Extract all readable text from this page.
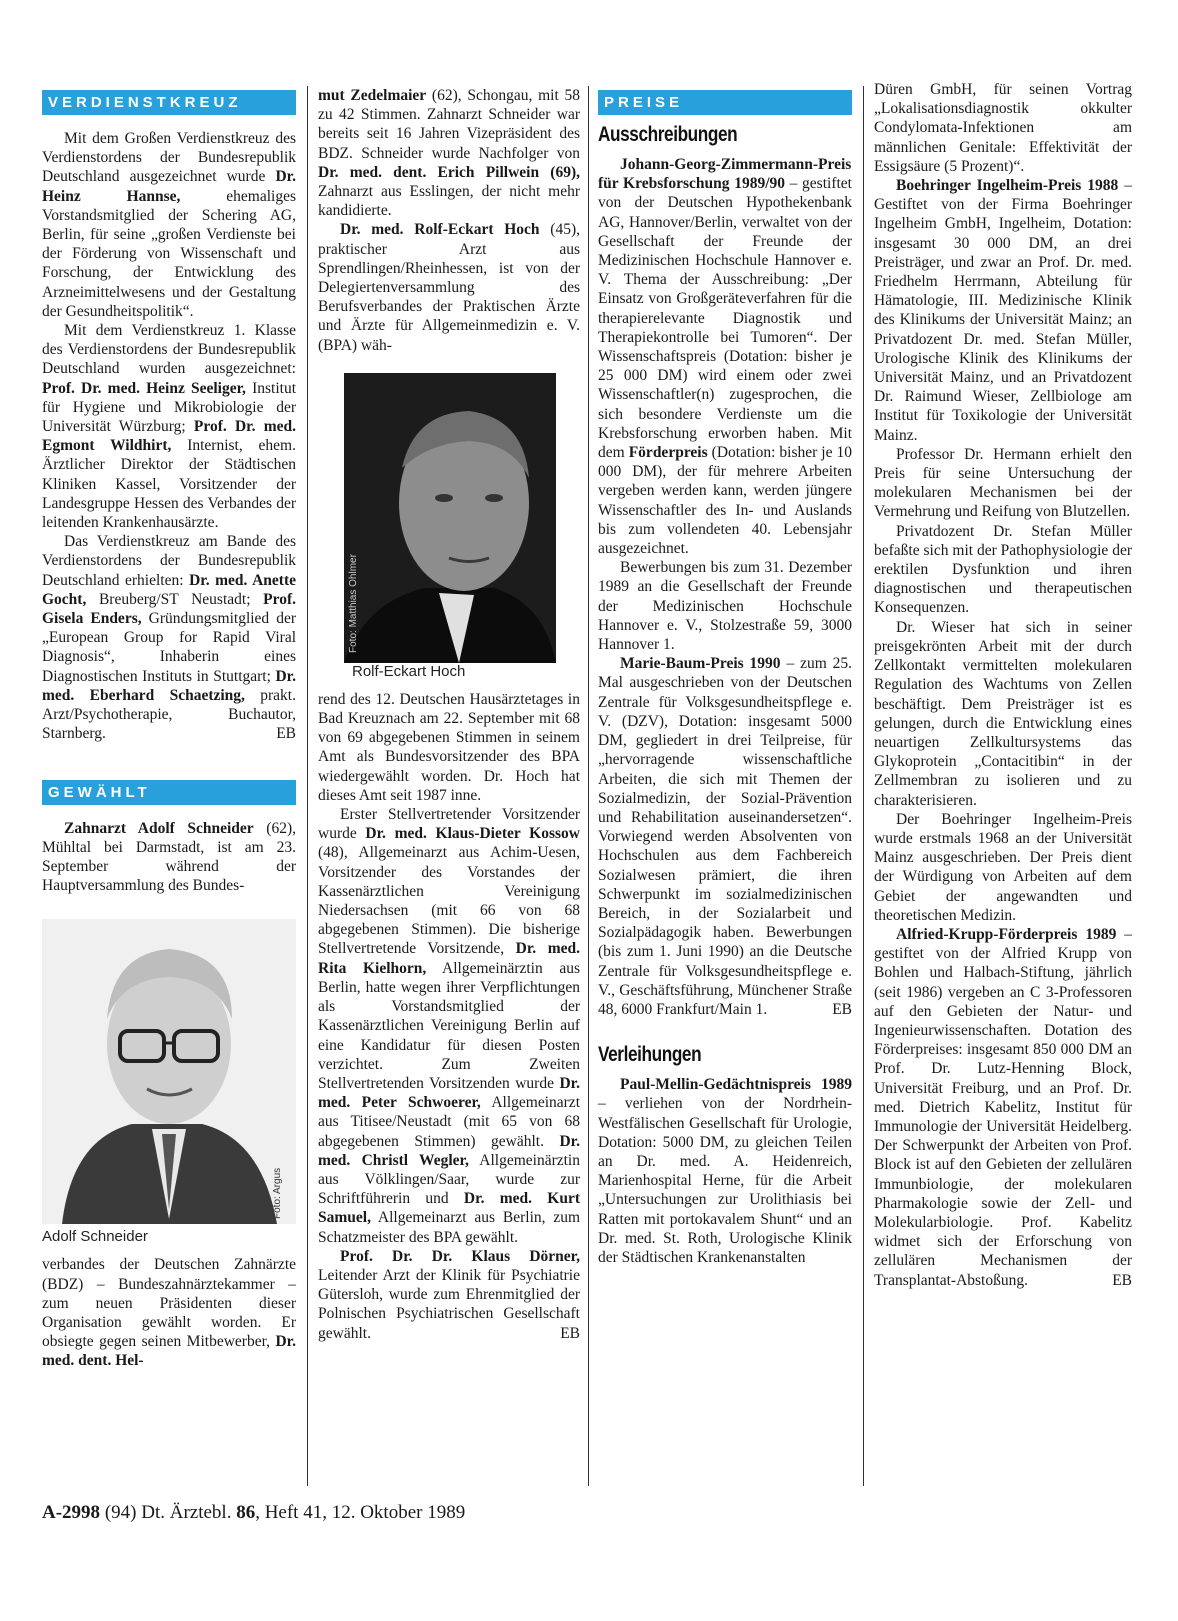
VERDIENSTKREUZ

Mit dem Großen Verdienstkreuz des Verdienstordens der Bundesrepublik Deutschland ausgezeichnet wurde Dr. Heinz Hannse, ehemaliges Vorstandsmitglied der Schering AG, Berlin, für seine „großen Verdienste bei der Förderung von Wissenschaft und Forschung, der Entwicklung des Arzneimittelwesens und der Gestaltung der Gesundheitspolitik“.

Mit dem Verdienstkreuz 1. Klasse des Verdienstordens der Bundesrepublik Deutschland wurden ausgezeichnet: Prof. Dr. med. Heinz Seeliger, Institut für Hygiene und Mikrobiologie der Universität Würzburg; Prof. Dr. med. Egmont Wildhirt, Internist, ehem. Ärztlicher Direktor der Städtischen Kliniken Kassel, Vorsitzender der Landesgruppe Hessen des Verbandes der leitenden Krankenhausärzte.

Das Verdienstkreuz am Bande des Verdienstordens der Bundesrepublik Deutschland erhielten: Dr. med. Anette Gocht, Breuberg/ST Neustadt; Prof. Gisela Enders, Gründungsmitglied der „European Group for Rapid Viral Diagnosis“, Inhaberin eines Diagnostischen Instituts in Stuttgart; Dr. med. Eberhard Schaetzing, prakt. Arzt/Psychotherapie, Buchautor, Starnberg.	EB

GEWÄHLT

Zahnarzt Adolf Schneider (62), Mühltal bei Darmstadt, ist am 23. September während der Hauptversammlung des Bundes-

Foto: Argus
Adolf Schneider

verbandes der Deutschen Zahnärzte (BDZ) – Bundeszahnärztekammer – zum neuen Präsidenten dieser Organisation gewählt worden. Er obsiegte gegen seinen Mitbewerber, Dr. med. dent. Hel-

mut Zedelmaier (62), Schongau, mit 58 zu 42 Stimmen. Zahnarzt Schneider war bereits seit 16 Jahren Vizepräsident des BDZ. Schneider wurde Nachfolger von Dr. med. dent. Erich Pillwein (69), Zahnarzt aus Esslingen, der nicht mehr kandidierte.

Dr. med. Rolf-Eckart Hoch (45), praktischer Arzt aus Sprendlingen/Rheinhessen, ist von der Delegiertenversammlung des Berufsverbandes der Praktischen Ärzte und Ärzte für Allgemeinmedizin e. V. (BPA) wäh-

Foto: Matthias Ohlmer
Rolf-Eckart Hoch

rend des 12. Deutschen Hausärztetages in Bad Kreuznach am 22. September mit 68 von 69 abgegebenen Stimmen in seinem Amt als Bundesvorsitzender des BPA wiedergewählt worden. Dr. Hoch hat dieses Amt seit 1987 inne.

Erster Stellvertretender Vorsitzender wurde Dr. med. Klaus-Dieter Kossow (48), Allgemeinarzt aus Achim-Uesen, Vorsitzender des Vorstandes der Kassenärztlichen Vereinigung Niedersachsen (mit 66 von 68 abgegebenen Stimmen). Die bisherige Stellvertretende Vorsitzende, Dr. med. Rita Kielhorn, Allgemeinärztin aus Berlin, hatte wegen ihrer Verpflichtungen als Vorstandsmitglied der Kassenärztlichen Vereinigung Berlin auf eine Kandidatur für diesen Posten verzichtet. Zum Zweiten Stellvertretenden Vorsitzenden wurde Dr. med. Peter Schwoerer, Allgemeinarzt aus Titisee/Neustadt (mit 65 von 68 abgegebenen Stimmen) gewählt. Dr. med. Christl Wegler, Allgemeinärztin aus Völklingen/Saar, wurde zur Schriftführerin und Dr. med. Kurt Samuel, Allgemeinarzt aus Berlin, zum Schatzmeister des BPA gewählt.

Prof. Dr. Dr. Klaus Dörner, Leitender Arzt der Klinik für Psychiatrie Gütersloh, wurde zum Ehrenmitglied der Polnischen Psychiatrischen Gesellschaft gewählt.	EB

PREISE
Ausschreibungen

Johann-Georg-Zimmermann-Preis für Krebsforschung 1989/90 – gestiftet von der Deutschen Hypothekenbank AG, Hannover/Berlin, verwaltet von der Gesellschaft der Freunde der Medizinischen Hochschule Hannover e. V. Thema der Ausschreibung: „Der Einsatz von Großgeräteverfahren für die therapierelevante Diagnostik und Therapiekontrolle bei Tumoren“. Der Wissenschaftspreis (Dotation: bisher je 25 000 DM) wird einem oder zwei Wissenschaftler(n) zugesprochen, die sich besondere Verdienste um die Krebsforschung erworben haben. Mit dem Förderpreis (Dotation: bisher je 10 000 DM), der für mehrere Arbeiten vergeben werden kann, werden jüngere Wissenschaftler des In- und Auslands bis zum vollendeten 40. Lebensjahr ausgezeichnet.

Bewerbungen bis zum 31. Dezember 1989 an die Gesellschaft der Freunde der Medizinischen Hochschule Hannover e. V., Stolzestraße 59, 3000 Hannover 1.

Marie-Baum-Preis 1990 – zum 25. Mal ausgeschrieben von der Deutschen Zentrale für Volksgesundheitspflege e. V. (DZV), Dotation: insgesamt 5000 DM, gegliedert in drei Teilpreise, für „hervorragende wissenschaftliche Arbeiten, die sich mit Themen der Sozialmedizin, der Sozial-Prävention und Rehabilitation auseinandersetzen“. Vorwiegend werden Absolventen von Hochschulen aus dem Fachbereich Sozialwesen prämiert, die ihren Schwerpunkt im sozialmedizinischen Bereich, in der Sozialarbeit und Sozialpädagogik haben. Bewerbungen (bis zum 1. Juni 1990) an die Deutsche Zentrale für Volksgesundheitspflege e. V., Geschäftsführung, Münchener Straße 48, 6000 Frankfurt/Main 1.	EB

Verleihungen

Paul-Mellin-Gedächtnispreis 1989 – verliehen von der Nordrhein-Westfälischen Gesellschaft für Urologie, Dotation: 5000 DM, zu gleichen Teilen an Dr. med. A. Heidenreich, Marienhospital Herne, für die Arbeit „Untersuchungen zur Urolithiasis bei Ratten mit portokavalem Shunt“ und an Dr. med. St. Roth, Urologische Klinik der Städtischen Krankenanstalten

Düren GmbH, für seinen Vortrag „Lokalisationsdiagnostik okkulter Condylomata-Infektionen am männlichen Genitale: Effektivität der Essigsäure (5 Prozent)“.

Boehringer Ingelheim-Preis 1988 – Gestiftet von der Firma Boehringer Ingelheim GmbH, Ingelheim, Dotation: insgesamt 30 000 DM, an drei Preisträger, und zwar an Prof. Dr. med. Friedhelm Herrmann, Abteilung für Hämatologie, III. Medizinische Klinik des Klinikums der Universität Mainz; an Privatdozent Dr. med. Stefan Müller, Urologische Klinik des Klinikums der Universität Mainz, und an Privatdozent Dr. Raimund Wieser, Zellbiologe am Institut für Toxikologie der Universität Mainz.

Professor Dr. Hermann erhielt den Preis für seine Untersuchung der molekularen Mechanismen bei der Vermehrung und Reifung von Blutzellen.

Privatdozent Dr. Stefan Müller befaßte sich mit der Pathophysiologie der erektilen Dysfunktion und ihren diagnostischen und therapeutischen Konsequenzen.

Dr. Wieser hat sich in seiner preisgekrönten Arbeit mit der durch Zellkontakt vermittelten molekularen Regulation des Wachtums von Zellen beschäftigt. Dem Preisträger ist es gelungen, durch die Entwicklung eines neuartigen Zellkultursystems das Glykoprotein „Contacitibin“ in der Zellmembran zu isolieren und zu charakterisieren.

Der Boehringer Ingelheim-Preis wurde erstmals 1968 an der Universität Mainz ausgeschrieben. Der Preis dient der Würdigung von Arbeiten auf dem Gebiet der angewandten und theoretischen Medizin.

Alfried-Krupp-Förderpreis 1989 – gestiftet von der Alfried Krupp von Bohlen und Halbach-Stiftung, jährlich (seit 1986) vergeben an C 3-Professoren auf den Gebieten der Natur- und Ingenieurwissenschaften. Dotation des Förderpreises: insgesamt 850 000 DM an Prof. Dr. Lutz-Henning Block, Universität Freiburg, und an Prof. Dr. med. Dietrich Kabelitz, Institut für Immunologie der Universität Heidelberg. Der Schwerpunkt der Arbeiten von Prof. Block ist auf den Gebieten der zellulären Immunbiologie, der molekularen Pharmakologie sowie der Zell- und Molekularbiologie. Prof. Kabelitz widmet sich der Erforschung von zellulären Mechanismen der Transplantat-Abstoßung.	EB

A-2998 (94) Dt. Ärztebl. 86, Heft 41, 12. Oktober 1989
